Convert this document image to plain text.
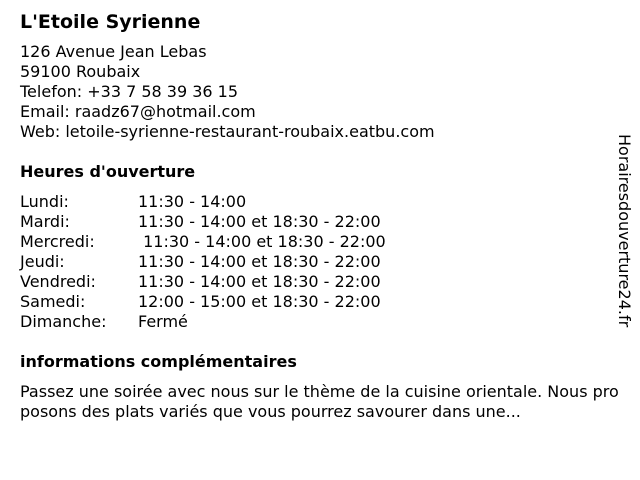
L'Etoile Syrienne
126 Avenue Jean Lebas
59100 Roubaix
Telefon: +33 7 58 39 36 15
Email: raadz67@hotmail.com
Web: letoile-syrienne-restaurant-roubaix.eatbu.com
Heures d'ouverture
Lundi:	11:30 - 14:00
Mardi:	11:30 - 14:00 et 18:30 - 22:00
Mercredi:	11:30 - 14:00 et 18:30 - 22:00
Jeudi:	11:30 - 14:00 et 18:30 - 22:00
Vendredi:	11:30 - 14:00 et 18:30 - 22:00
Samedi:	12:00 - 15:00 et 18:30 - 22:00
Dimanche:	Fermé
informations complémentaires
Passez une soirée avec nous sur le thème de la cuisine orientale. Nous proposons des plats variés que vous pourrez savourer dans une...
Horairesdouverture24.fr
